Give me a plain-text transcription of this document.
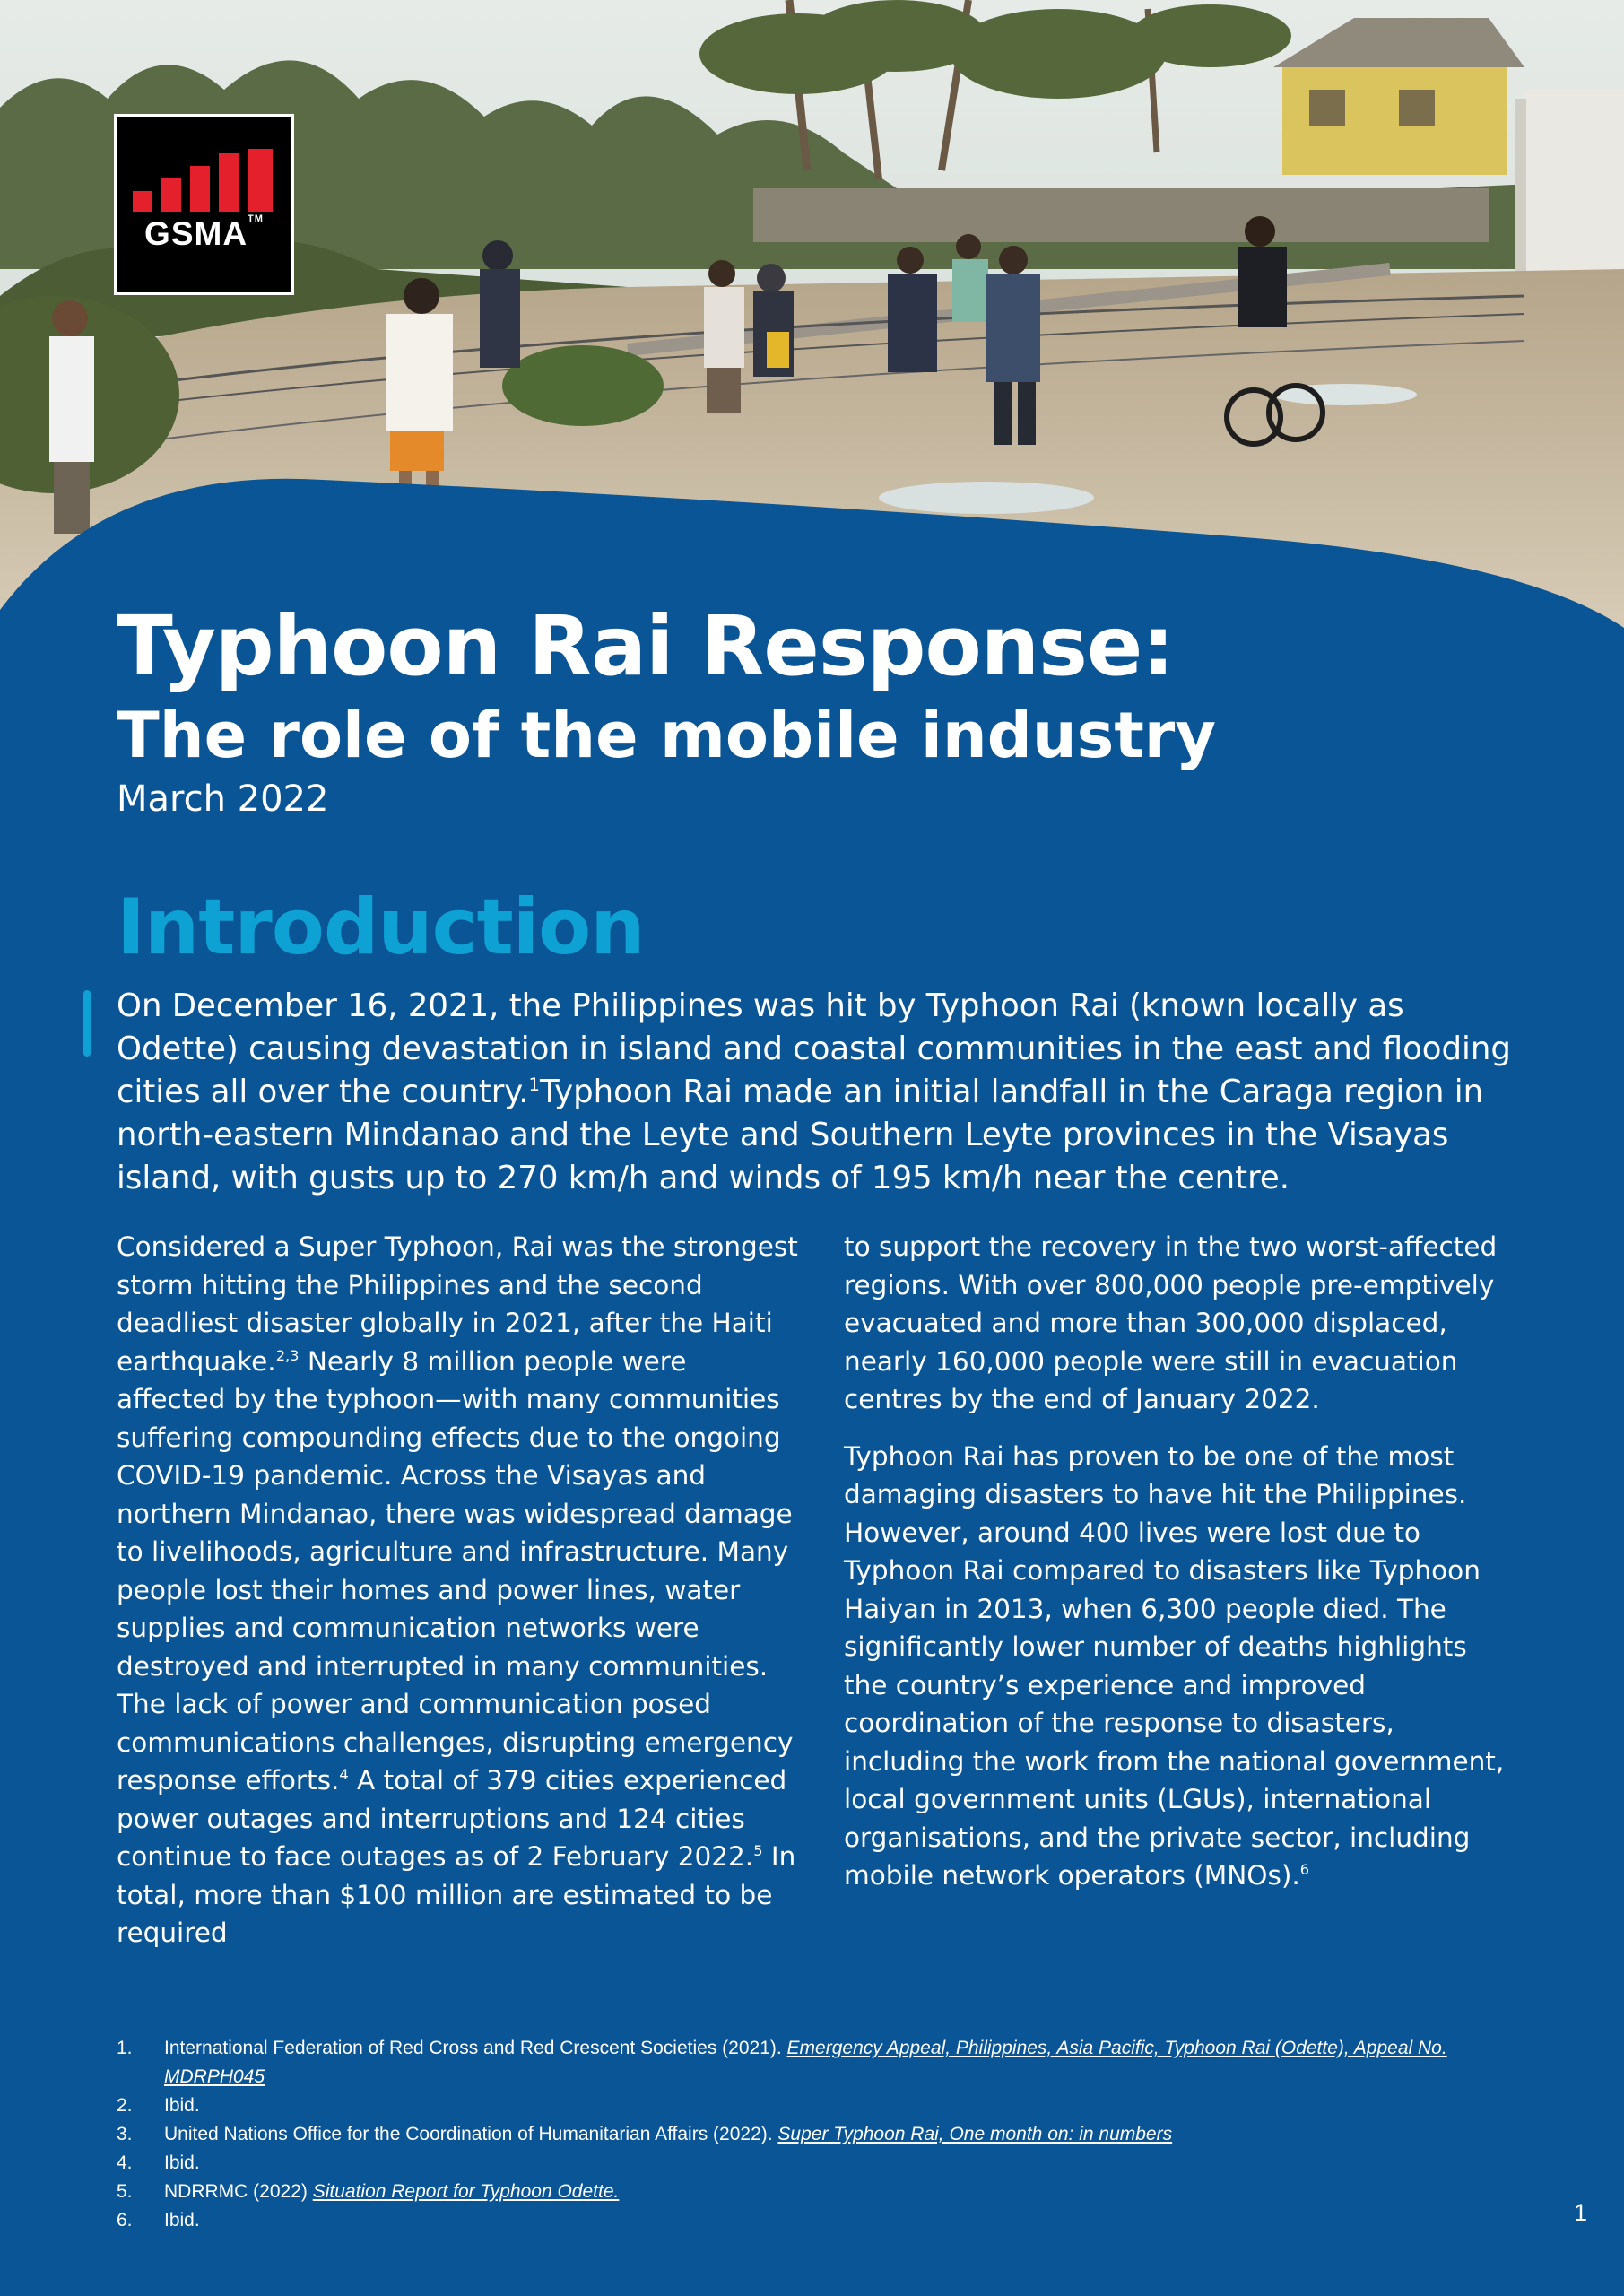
GSMA™
Typhoon Rai Response:
The role of the mobile industry
March 2022
Introduction

On December 16, 2021, the Philippines was hit by Typhoon Rai (known locally as Odette) causing devastation in island and coastal communities in the east and flooding cities all over the country.$^1$Typhoon Rai made an initial landfall in the Caraga region in north-eastern Mindanao and the Leyte and Southern Leyte provinces in the Visayas island, with gusts up to 270 km/h and winds of 195 km/h near the centre.

Considered a Super Typhoon, Rai was the strongest storm hitting the Philippines and the second deadliest disaster globally in 2021, after the Haiti earthquake.$^{2,3}$ Nearly 8 million people were affected by the typhoon—with many communities suffering compounding effects due to the ongoing COVID-19 pandemic. Across the Visayas and northern Mindanao, there was widespread damage to livelihoods, agriculture and infrastructure. Many people lost their homes and power lines, water supplies and communication networks were destroyed and interrupted in many communities. The lack of power and communication posed communications challenges, disrupting emergency response efforts.$^4$ A total of 379 cities experienced power outages and interruptions and 124 cities continue to face outages as of 2 February 2022.$^5$ In total, more than $100 million are estimated to be required

to support the recovery in the two worst-affected regions. With over 800,000 people pre-emptively evacuated and more than 300,000 displaced, nearly 160,000 people were still in evacuation centres by the end of January 2022.

Typhoon Rai has proven to be one of the most damaging disasters to have hit the Philippines. However, around 400 lives were lost due to Typhoon Rai compared to disasters like Typhoon Haiyan in 2013, when 6,300 people died. The significantly lower number of deaths highlights the country’s experience and improved coordination of the response to disasters, including the work from the national government, local government units (LGUs), international organisations, and the private sector, including mobile network operators (MNOs).$^6$

1. International Federation of Red Cross and Red Crescent Societies (2021). Emergency Appeal, Philippines, Asia Pacific, Typhoon Rai (Odette), Appeal No. MDRPH045
2. Ibid.
3. United Nations Office for the Coordination of Humanitarian Affairs (2022). Super Typhoon Rai, One month on: in numbers
4. Ibid.
5. NDRRMC (2022) Situation Report for Typhoon Odette.
6. Ibid.	1
